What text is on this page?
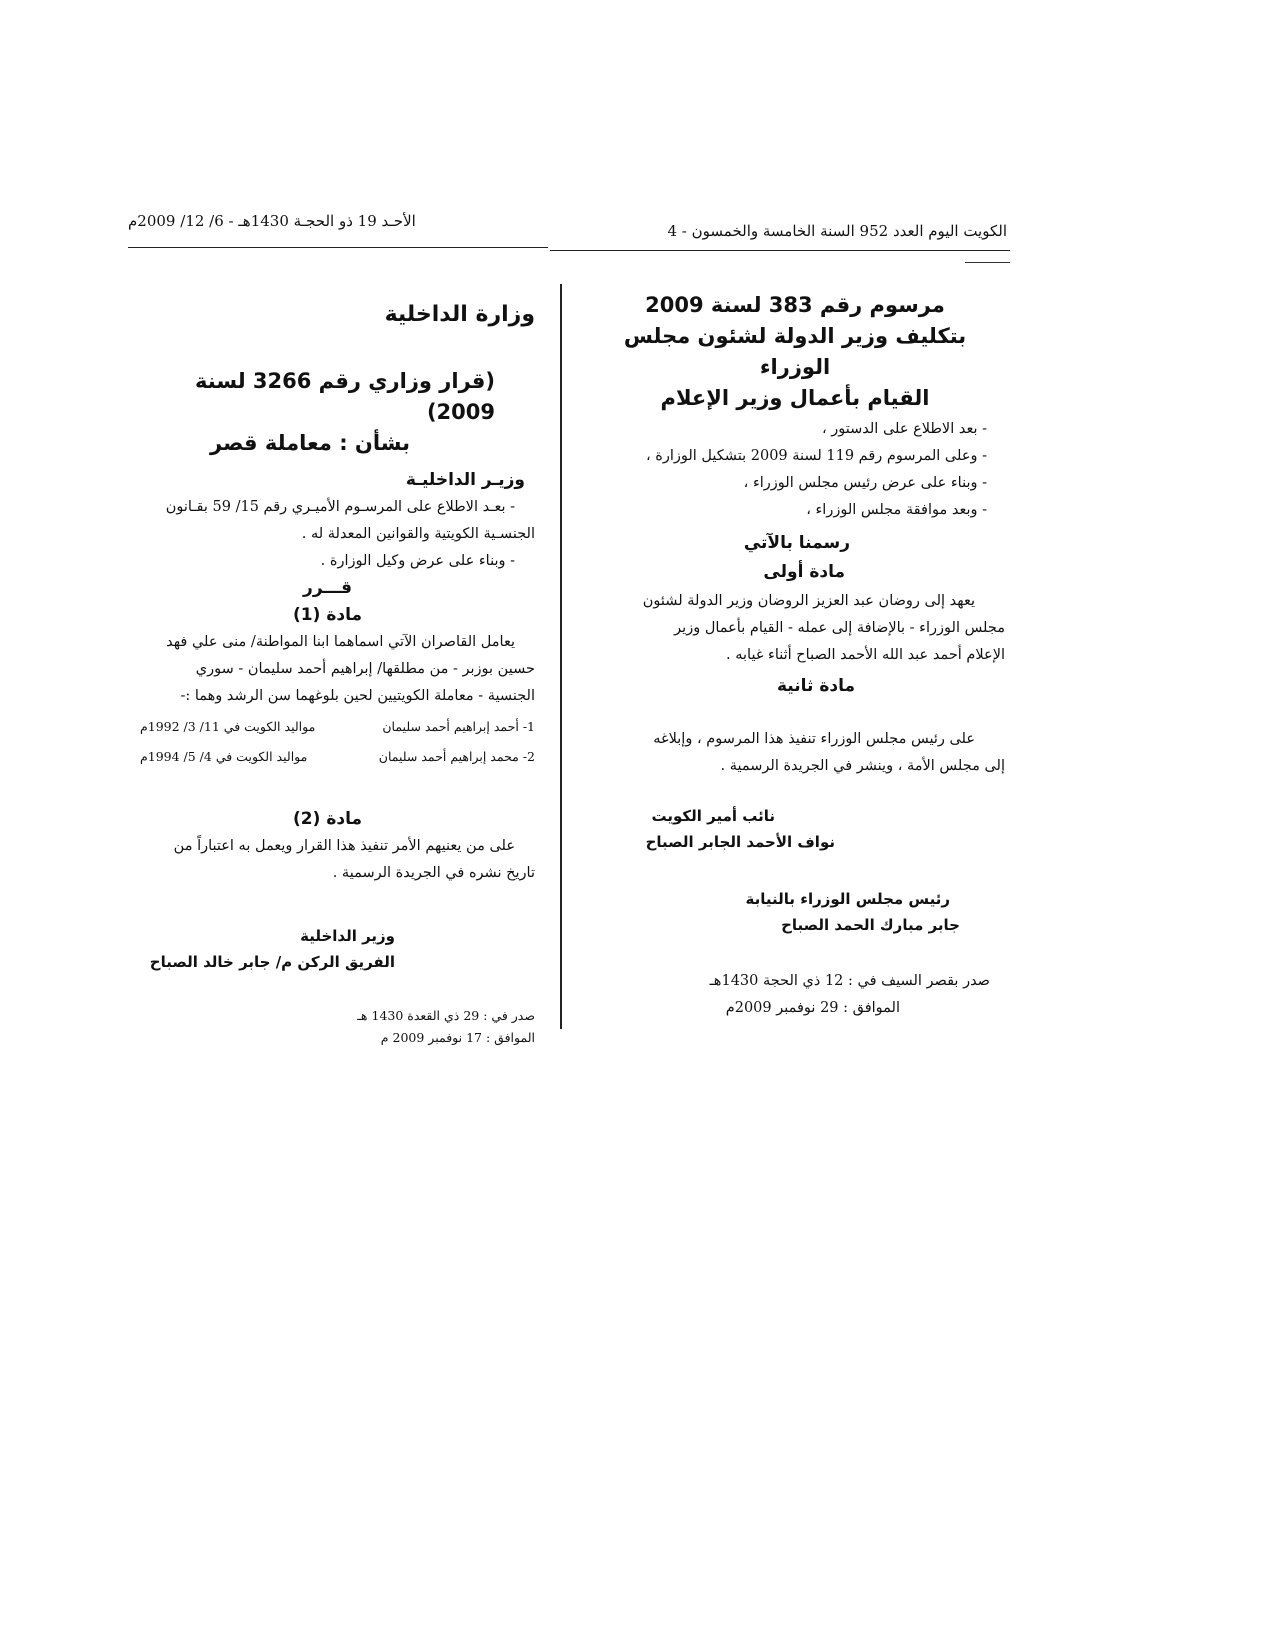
الكويت اليوم العدد 952 السنة الخامسة والخمسون - 4
الأحـد 19 ذو الحجـة 1430هـ - 6/ 12/ 2009م
مرسوم رقم 383 لسنة 2009
بتكليف وزير الدولة لشئون مجلس الوزراء
القيام بأعمال وزير الإعلام
- بعد الاطلاع على الدستور ،
- وعلى المرسوم رقم 119 لسنة 2009 بتشكيل الوزارة ،
- وبناء على عرض رئيس مجلس الوزراء ،
- وبعد موافقة مجلس الوزراء ،
رسمنا بالآتي
مادة أولى
يعهد إلى روضان عبد العزيز الروضان وزير الدولة لشئون
مجلس الوزراء - بالإضافة إلى عمله - القيام بأعمال وزير
الإعلام أحمد عبد الله الأحمد الصباح أثناء غيابه .
مادة ثانية
على رئيس مجلس الوزراء تنفيذ هذا المرسوم ، وإبلاغه
إلى مجلس الأمة ، وينشر في الجريدة الرسمية .
نائب أمير الكويت
نواف الأحمد الجابر الصباح
رئيس مجلس الوزراء بالنيابة
جابر مبارك الحمد الصباح
صدر بقصر السيف في : 12 ذي الحجة 1430هـ
الموافق : 29 نوفمبر 2009م
وزارة الداخلية
(قرار وزاري رقم 3266 لسنة 2009)
بشأن : معاملة قصر
وزيـر الداخليـة
- بعـد الاطلاع على المرسـوم الأميـري رقم 15/ 59 بقـانون
الجنسـية الكويتية والقوانين المعدلة له .
- وبناء على عرض وكيل الوزارة .
قـــرر
مادة (1)
يعامل القاصران الآتي اسماهما ابنا المواطنة/ منى علي فهد
حسين بوزبر - من مطلقها/ إبراهيم أحمد سليمان - سوري
الجنسية - معاملة الكويتيين لحين بلوغهما سن الرشد وهما :-
1- أحمد إبراهيم أحمد سليمان
مواليد الكويت في 11/ 3/ 1992م
2- محمد إبراهيم أحمد سليمان
مواليد الكويت في 4/ 5/ 1994م
مادة (2)
على من يعنيهم الأمر تنفيذ هذا القرار ويعمل به اعتباراً من
تاريخ نشره في الجريدة الرسمية .
وزير الداخلية
الفريق الركن م/ جابر خالد الصباح
صدر في : 29 ذي القعدة 1430 هـ
الموافق : 17 نوفمبر 2009 م
